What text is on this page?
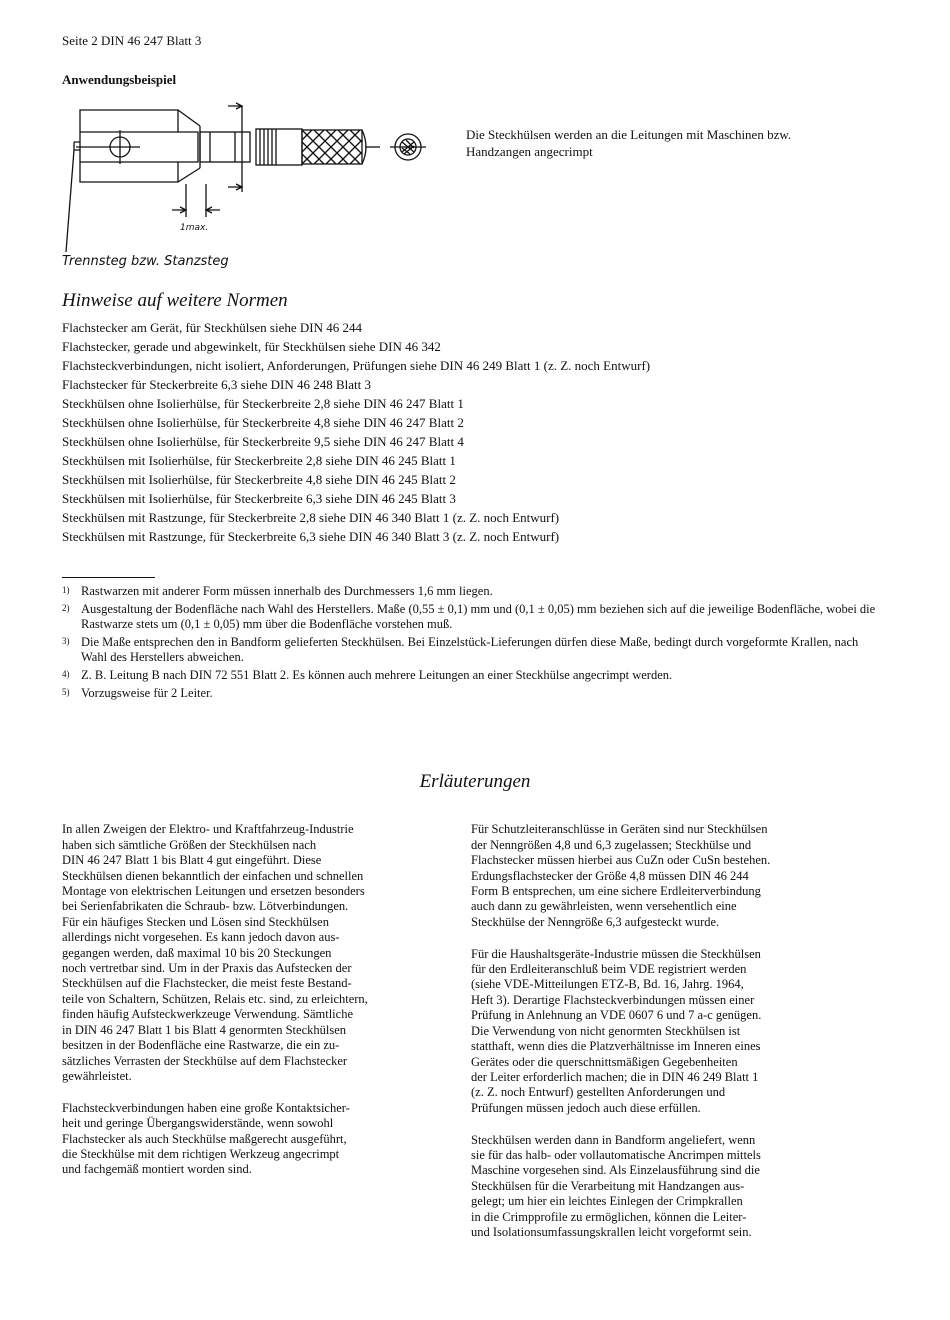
Seite 2 DIN 46 247 Blatt 3
Anwendungsbeispiel
1max.
Trennsteg bzw. Stanzsteg
Die Steckhülsen werden an die Leitungen mit Maschinen bzw. Handzangen angecrimpt
Hinweise auf weitere Normen
Flachstecker am Gerät, für Steckhülsen siehe DIN 46 244
Flachstecker, gerade und abgewinkelt, für Steckhülsen siehe DIN 46 342
Flachsteckverbindungen, nicht isoliert, Anforderungen, Prüfungen siehe DIN 46 249 Blatt 1 (z. Z. noch Entwurf)
Flachstecker für Steckerbreite 6,3 siehe DIN 46 248 Blatt 3
Steckhülsen ohne Isolierhülse, für Steckerbreite 2,8 siehe DIN 46 247 Blatt 1
Steckhülsen ohne Isolierhülse, für Steckerbreite 4,8 siehe DIN 46 247 Blatt 2
Steckhülsen ohne Isolierhülse, für Steckerbreite 9,5 siehe DIN 46 247 Blatt 4
Steckhülsen mit Isolierhülse, für Steckerbreite 2,8 siehe DIN 46 245 Blatt 1
Steckhülsen mit Isolierhülse, für Steckerbreite 4,8 siehe DIN 46 245 Blatt 2
Steckhülsen mit Isolierhülse, für Steckerbreite 6,3 siehe DIN 46 245 Blatt 3
Steckhülsen mit Rastzunge, für Steckerbreite 2,8 siehe DIN 46 340 Blatt 1 (z. Z. noch Entwurf)
Steckhülsen mit Rastzunge, für Steckerbreite 6,3 siehe DIN 46 340 Blatt 3 (z. Z. noch Entwurf)
1) Rastwarzen mit anderer Form müssen innerhalb des Durchmessers 1,6 mm liegen.
2) Ausgestaltung der Bodenfläche nach Wahl des Herstellers. Maße (0,55 ± 0,1) mm und (0,1 ± 0,05) mm beziehen sich auf die jeweilige Bodenfläche, wobei die Rastwarze stets um (0,1 ± 0,05) mm über die Bodenfläche vorstehen muß.
3) Die Maße entsprechen den in Bandform gelieferten Steckhülsen. Bei Einzelstück-Lieferungen dürfen diese Maße, bedingt durch vorgeformte Krallen, nach Wahl des Herstellers abweichen.
4) Z. B. Leitung B nach DIN 72 551 Blatt 2. Es können auch mehrere Leitungen an einer Steckhülse angecrimpt werden.
5) Vorzugsweise für 2 Leiter.
Erläuterungen

In allen Zweigen der Elektro- und Kraftfahrzeug-Industrie
haben sich sämtliche Größen der Steckhülsen nach
DIN 46 247 Blatt 1 bis Blatt 4 gut eingeführt. Diese
Steckhülsen dienen bekanntlich der einfachen und schnellen
Montage von elektrischen Leitungen und ersetzen besonders
bei Serienfabrikaten die Schraub- bzw. Lötverbindungen.
Für ein häufiges Stecken und Lösen sind Steckhülsen
allerdings nicht vorgesehen. Es kann jedoch davon aus-
gegangen werden, daß maximal 10 bis 20 Steckungen
noch vertretbar sind. Um in der Praxis das Aufstecken der
Steckhülsen auf die Flachstecker, die meist feste Bestand-
teile von Schaltern, Schützen, Relais etc. sind, zu erleichtern,
finden häufig Aufsteckwerkzeuge Verwendung. Sämtliche
in DIN 46 247 Blatt 1 bis Blatt 4 genormten Steckhülsen
besitzen in der Bodenfläche eine Rastwarze, die ein zu-
sätzliches Verrasten der Steckhülse auf dem Flachstecker
gewährleistet.

Flachsteckverbindungen haben eine große Kontaktsicher-
heit und geringe Übergangswiderstände, wenn sowohl
Flachstecker als auch Steckhülse maßgerecht ausgeführt,
die Steckhülse mit dem richtigen Werkzeug angecrimpt
und fachgemäß montiert worden sind.

Für Schutzleiteranschlüsse in Geräten sind nur Steckhülsen
der Nenngrößen 4,8 und 6,3 zugelassen; Steckhülse und
Flachstecker müssen hierbei aus CuZn oder CuSn bestehen.
Erdungsflachstecker der Größe 4,8 müssen DIN 46 244
Form B entsprechen, um eine sichere Erdleiterverbindung
auch dann zu gewährleisten, wenn versehentlich eine
Steckhülse der Nenngröße 6,3 aufgesteckt wurde.

Für die Haushaltsgeräte-Industrie müssen die Steckhülsen
für den Erdleiteranschluß beim VDE registriert werden
(siehe VDE-Mitteilungen ETZ-B, Bd. 16, Jahrg. 1964,
Heft 3). Derartige Flachsteckverbindungen müssen einer
Prüfung in Anlehnung an VDE 0607 6 und 7 a-c genügen.
Die Verwendung von nicht genormten Steckhülsen ist
statthaft, wenn dies die Platzverhältnisse im Inneren eines
Gerätes oder die querschnittsmäßigen Gegebenheiten
der Leiter erforderlich machen; die in DIN 46 249 Blatt 1
(z. Z. noch Entwurf) gestellten Anforderungen und
Prüfungen müssen jedoch auch diese erfüllen.

Steckhülsen werden dann in Bandform angeliefert, wenn
sie für das halb- oder vollautomatische Ancrimpen mittels
Maschine vorgesehen sind. Als Einzelausführung sind die
Steckhülsen für die Verarbeitung mit Handzangen aus-
gelegt; um hier ein leichtes Einlegen der Crimpkrallen
in die Crimpprofile zu ermöglichen, können die Leiter-
und Isolationsumfassungskrallen leicht vorgeformt sein.
